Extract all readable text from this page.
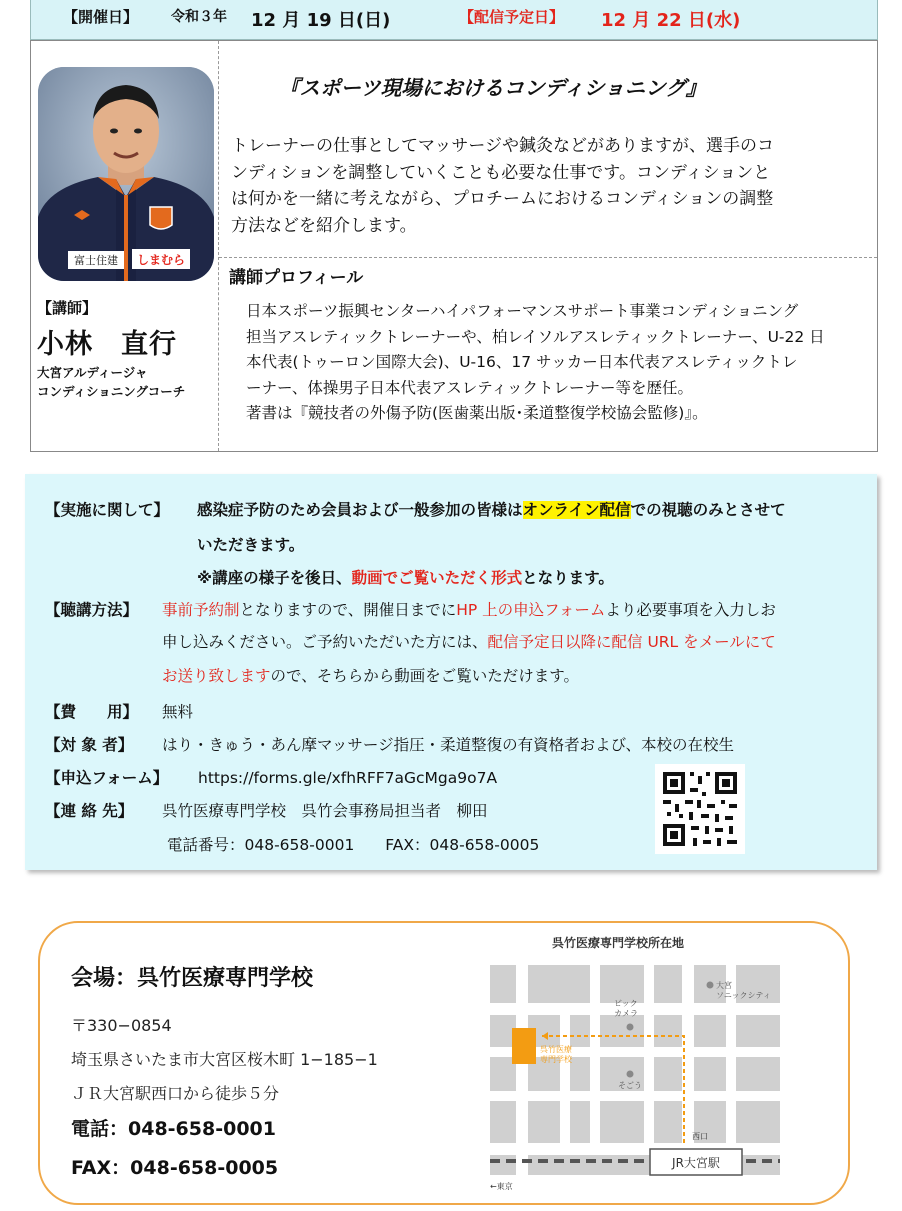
【開催日】 令和３年 12 月 19 日(日)	【配信予定日】 12 月 22 日(水)
富士住建 しまむら
【講師】
小林　直行
大宮アルディージャ
コンディショニングコーチ
『スポーツ現場におけるコンディショニング』
トレーナーの仕事としてマッサージや鍼灸などがありますが、選手のコ
ンディションを調整していくことも必要な仕事です。コンディションと
は何かを一緒に考えながら、プロチームにおけるコンディションの調整
方法などを紹介します。
講師プロフィール
日本スポーツ振興センターハイパフォーマンスサポート事業コンディショニング
担当アスレティックトレーナーや、柏レイソルアスレティックトレーナー、U-22 日
本代表(トゥーロン国際大会)、U-16、17 サッカー日本代表アスレティックトレ
ーナー、体操男子日本代表アスレティックトレーナー等を歴任。
著書は『競技者の外傷予防(医歯薬出版･柔道整復学校協会監修)』。
【実施に関して】 感染症予防のため会員および一般参加の皆様はオンライン配信での視聴のみとさせて
いただきます。
※講座の様子を後日、動画でご覧いただく形式となります。
【聴講方法】 事前予約制となりますので、開催日までにHP 上の申込フォームより必要事項を入力しお
申し込みください。ご予約いただいた方には、配信予定日以降に配信 URL をメールにて
お送り致しますので、そちらから動画をご覧いただけます。
【費　　用】 無料
【対 象 者】 はり・きゅう・あん摩マッサージ指圧・柔道整復の有資格者および、本校の在校生
【申込フォーム】 https://forms.gle/xfhRFF7aGcMga9o7A
【連 絡 先】 呉竹医療専門学校　呉竹会事務局担当者　柳田
電話番号：048-658-0001　　FAX：048-658-0005
会場：呉竹医療専門学校
〒330−0854
埼玉県さいたま市大宮区桜木町 1−185−1
ＪＲ大宮駅西口から徒歩５分
電話：048-658-0001
FAX：048-658-0005
呉竹医療専門学校所在地
呉竹医療
専門学校
ビック
カメラ
そごう
大宮
ソニックシティ
西口
JR大宮駅
←東京
